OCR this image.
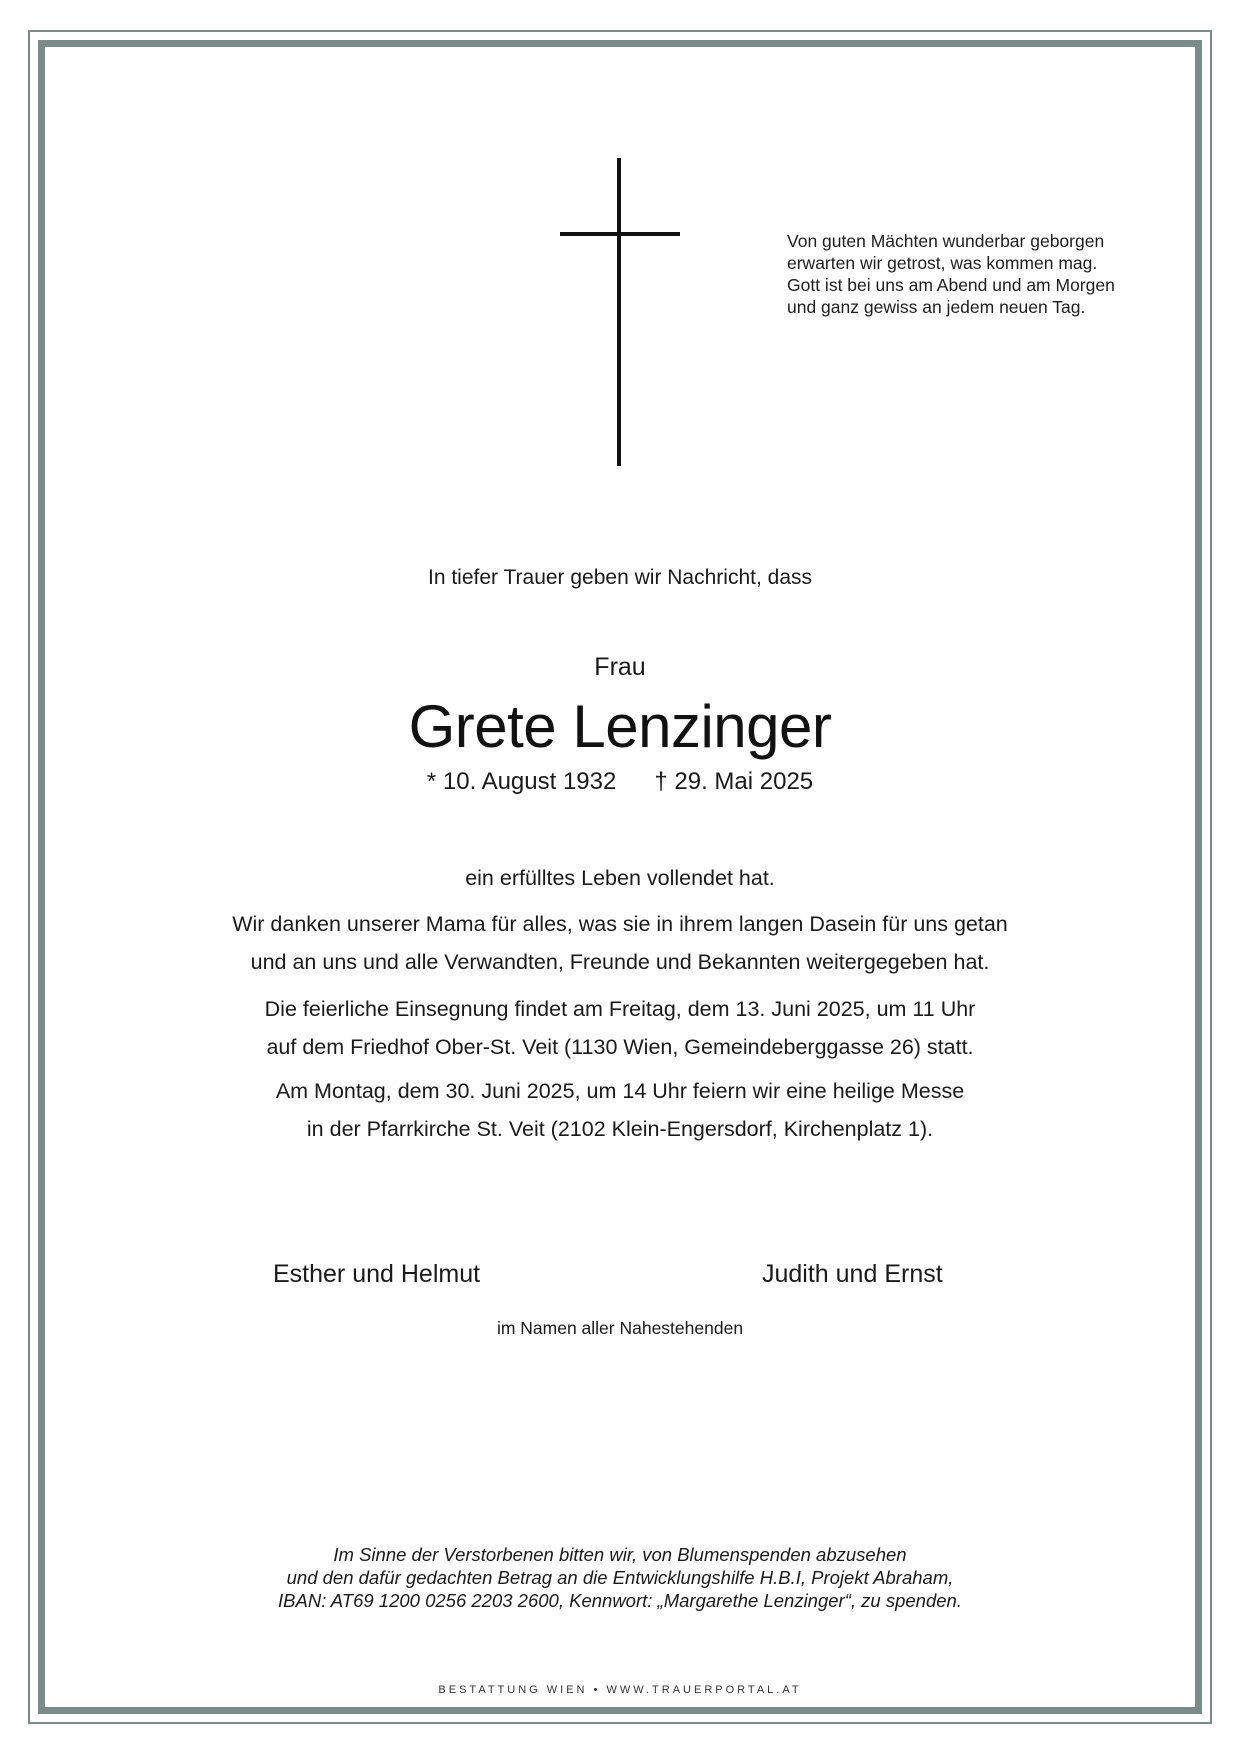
Von guten Mächten wunderbar geborgen
erwarten wir getrost, was kommen mag.
Gott ist bei uns am Abend und am Morgen
und ganz gewiss an jedem neuen Tag.
In tiefer Trauer geben wir Nachricht, dass
Frau
Grete Lenzinger
* 10. August 1932 † 29. Mai 2025
ein erfülltes Leben vollendet hat.
Wir danken unserer Mama für alles, was sie in ihrem langen Dasein für uns getan
und an uns und alle Verwandten, Freunde und Bekannten weitergegeben hat.
Die feierliche Einsegnung findet am Freitag, dem 13. Juni 2025, um 11 Uhr
auf dem Friedhof Ober-St. Veit (1130 Wien, Gemeindeberggasse 26) statt.
Am Montag, dem 30. Juni 2025, um 14 Uhr feiern wir eine heilige Messe
in der Pfarrkirche St. Veit (2102 Klein-Engersdorf, Kirchenplatz 1).
Esther und Helmut	Judith und Ernst
im Namen aller Nahestehenden
Im Sinne der Verstorbenen bitten wir, von Blumenspenden abzusehen
und den dafür gedachten Betrag an die Entwicklungshilfe H.B.I, Projekt Abraham,
IBAN: AT69 1200 0256 2203 2600, Kennwort: „Margarethe Lenzinger“, zu spenden.
BESTATTUNG WIEN • WWW.TRAUERPORTAL.AT
